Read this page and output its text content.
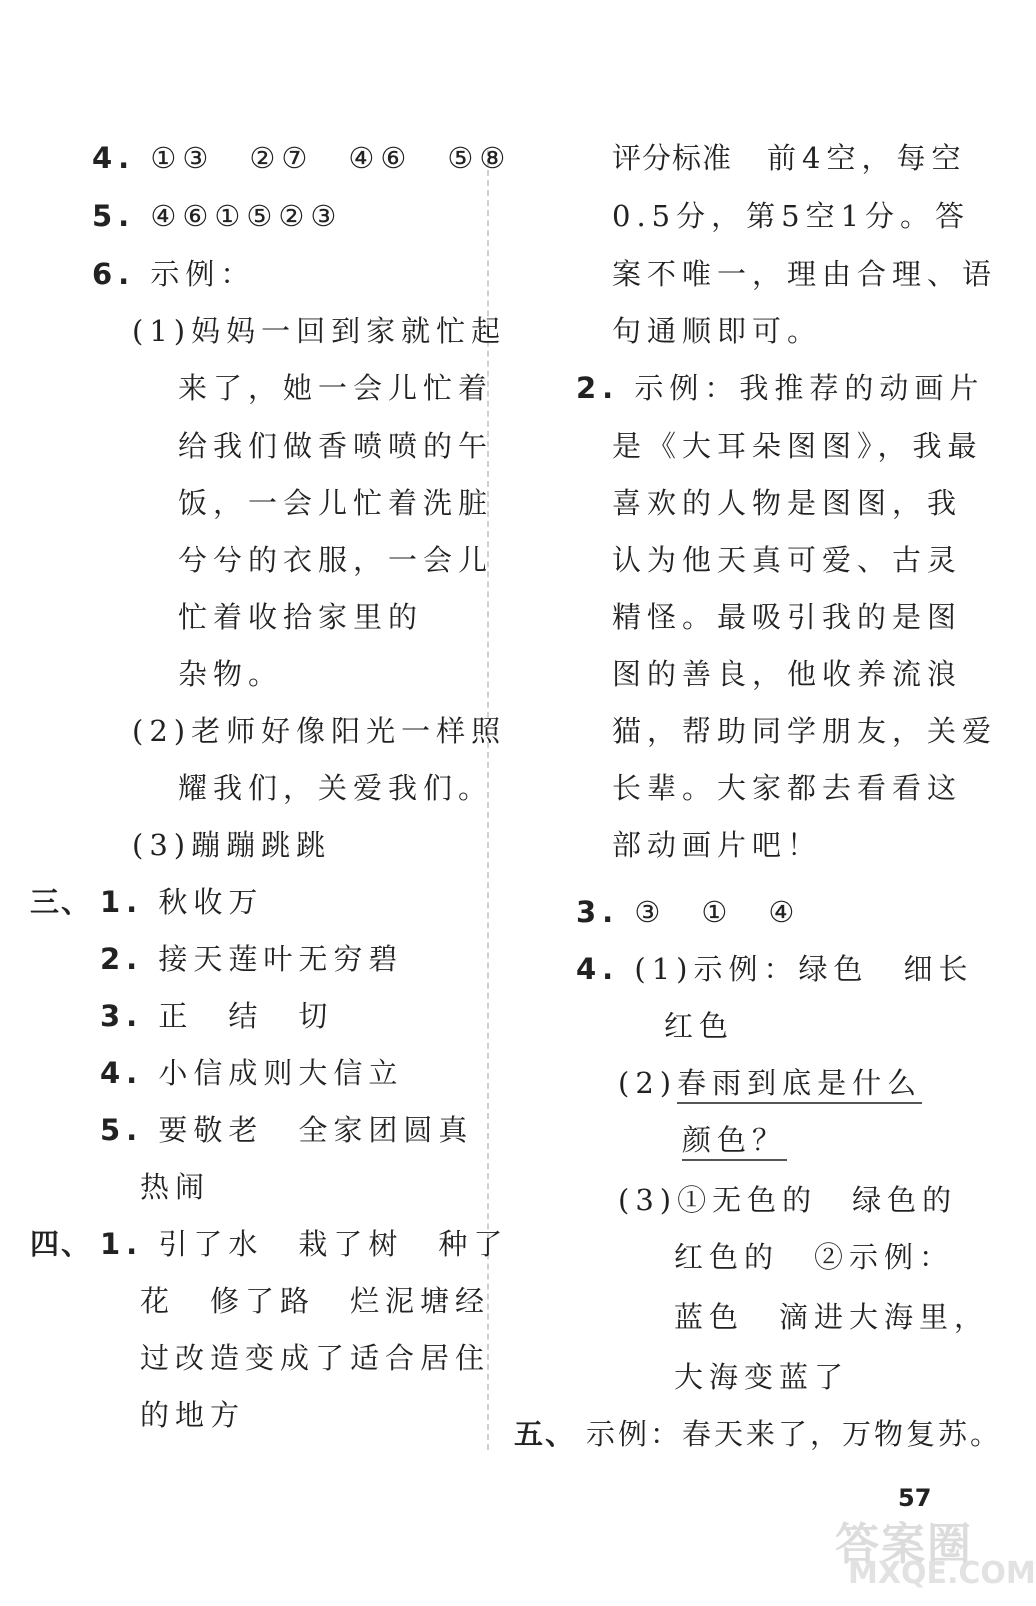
4. ①③　②⑦　④⑥　⑤⑧
5. ④⑥①⑤②③
6. 示例：
(1)妈妈一回到家就忙起
来了，她一会儿忙着
给我们做香喷喷的午
饭，一会儿忙着洗脏
兮兮的衣服，一会儿
忙着收拾家里的
杂物。
(2)老师好像阳光一样照
耀我们，关爱我们。
(3)蹦蹦跳跳
三、 1. 秋收万
2. 接天莲叶无穷碧
3. 正　结　切
4. 小信成则大信立
5. 要敬老　全家团圆真
热闹
四、 1. 引了水　栽了树　种了
花　修了路　烂泥塘经
过改造变成了适合居住
的地方
评分标准　 前4空，每空
0.5分，第5空1分。答
案不唯一，理由合理、语
句通顺即可。
2. 示例：我推荐的动画片
是《大耳朵图图》，我最
喜欢的人物是图图，我
认为他天真可爱、古灵
精怪。最吸引我的是图
图的善良，他收养流浪
猫，帮助同学朋友，关爱
长辈。大家都去看看这
部动画片吧！
3. ③　①　④
4. (1)示例：绿色　细长
红色
(2)春雨到底是什么
颜色？
(3)①无色的　绿色的
红色的　②示例：
蓝色　滴进大海里，
大海变蓝了
五、 示例：春天来了，万物复苏。
57
答案圈
MXQE.COM
